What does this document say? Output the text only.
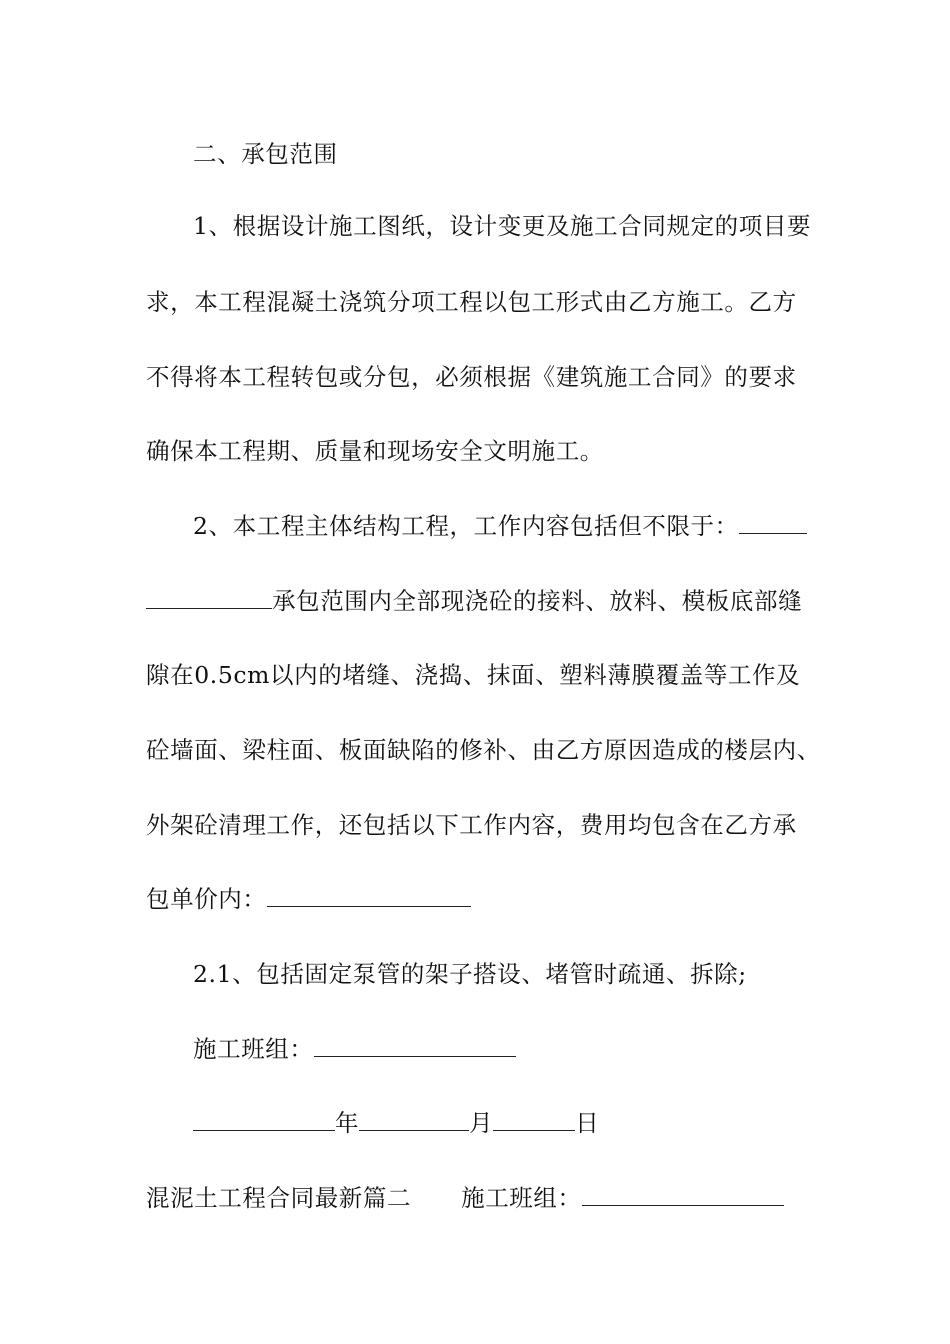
二、承包范围
1、根据设计施工图纸，设计变更及施工合同规定的项目要
求，本工程混凝土浇筑分项工程以包工形式由乙方施工。乙方
不得将本工程转包或分包，必须根据《建筑施工合同》的要求
确保本工程期、质量和现场安全文明施工。
2、本工程主体结构工程，工作内容包括但不限于：
承包范围内全部现浇砼的接料、放料、模板底部缝
隙在0.5cm以内的堵缝、浇捣、抹面、塑料薄膜覆盖等工作及
砼墙面、梁柱面、板面缺陷的修补、由乙方原因造成的楼层内、
外架砼清理工作，还包括以下工作内容，费用均包含在乙方承
包单价内：
2.1、包括固定泵管的架子搭设、堵管时疏通、拆除;
施工班组：
年	月	日
混泥土工程合同最新篇二 施工班组：
